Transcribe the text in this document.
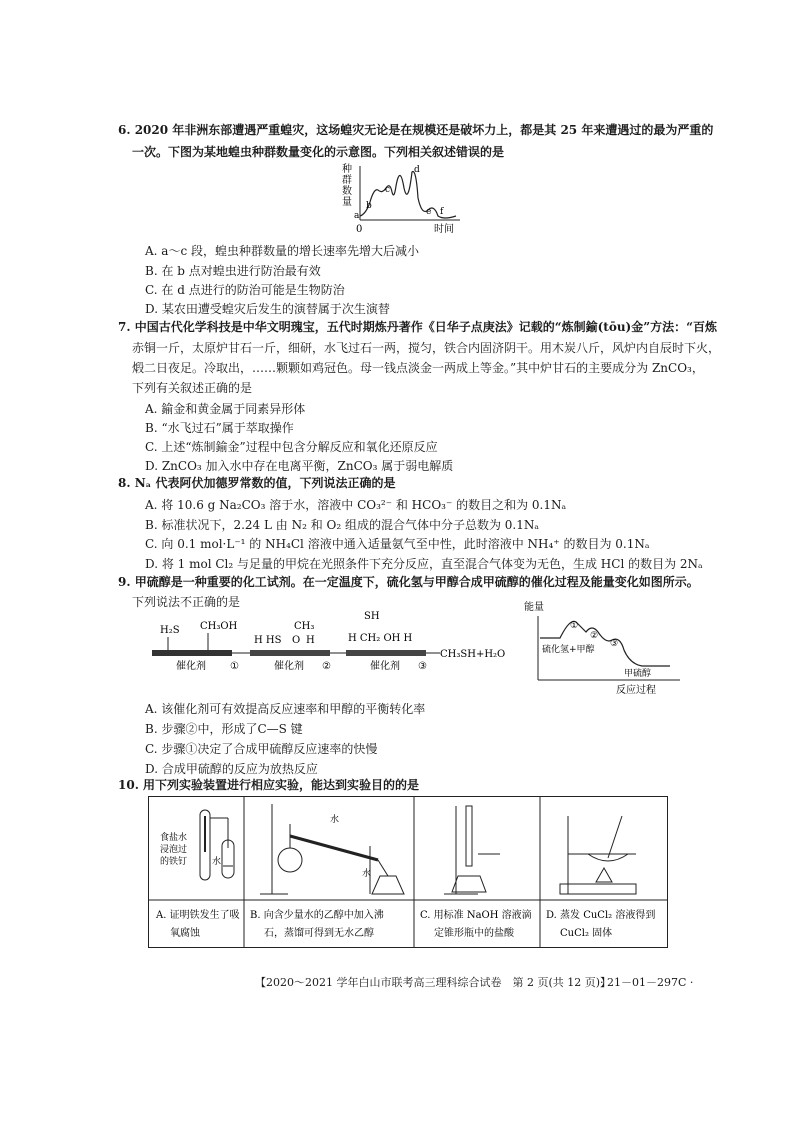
6. 2020 年非洲东部遭遇严重蝗灾，这场蝗灾无论是在规模还是破坏力上，都是其 25 年来遭遇过的最为严重的
一次。下图为某地蝗虫种群数量变化的示意图。下列相关叙述错误的是
种
群
数
量
a
b
c
d
e f
0	时间
A. a～c 段，蝗虫种群数量的增长速率先增大后减小
B. 在 b 点对蝗虫进行防治最有效
C. 在 d 点进行的防治可能是生物防治
D. 某农田遭受蝗灾后发生的演替属于次生演替
7. 中国古代化学科技是中华文明瑰宝，五代时期炼丹著作《日华子点庚法》记载的“炼制鍮(tōu)金”方法：“百炼
赤铜一斤，太原炉甘石一斤，细研，水飞过石一两，搅匀，铁合内固济阴干。用木炭八斤，风炉内自辰时下火，
煅二日夜足。冷取出，……颗颗如鸡冠色。母一钱点淡金一两成上等金。”其中炉甘石的主要成分为 ZnCO₃，
下列有关叙述正确的是
A. 鍮金和黄金属于同素异形体
B. “水飞过石”属于萃取操作
C. 上述“炼制鍮金”过程中包含分解反应和氧化还原反应
D. ZnCO₃ 加入水中存在电离平衡，ZnCO₃ 属于弱电解质
8. Nₐ 代表阿伏加德罗常数的值，下列说法正确的是
A. 将 10.6 g Na₂CO₃ 溶于水，溶液中 CO₃²⁻ 和 HCO₃⁻ 的数目之和为 0.1Nₐ
B. 标准状况下，2.24 L 由 N₂ 和 O₂ 组成的混合气体中分子总数为 0.1Nₐ
C. 向 0.1 mol·L⁻¹ 的 NH₄Cl 溶液中通入适量氨气至中性，此时溶液中 NH₄⁺ 的数目为 0.1Nₐ
D. 将 1 mol Cl₂ 与足量的甲烷在光照条件下充分反应，直至混合气体变为无色，生成 HCl 的数目为 2Nₐ
9. 甲硫醇是一种重要的化工试剂。在一定温度下，硫化氢与甲醇合成甲硫醇的催化过程及能量变化如图所示。
下列说法不正确的是
H₂S CH₃OH
催化剂 ①
H HS
CH₃
O H
催化剂 ②
SH
H CH₂ OH H
催化剂 ③
CH₃SH+H₂O
能量
①
②
③
硫化氢+甲醇
甲硫醇
反应过程
A. 该催化剂可有效提高反应速率和甲醇的平衡转化率
B. 步骤②中，形成了C—S 键
C. 步骤①决定了合成甲硫醇反应速率的快慢
D. 合成甲硫醇的反应为放热反应
10. 用下列实验装置进行相应实验，能达到实验目的的是
食盐水
浸泡过
的铁钉	水
水
水
A. 证明铁发生了吸
氧腐蚀
B. 向含少量水的乙醇中加入沸
石，蒸馏可得到无水乙醇
C. 用标准 NaOH 溶液滴
定锥形瓶中的盐酸
D. 蒸发 CuCl₂ 溶液得到
CuCl₂ 固体
【2020～2021 学年白山市联考高三理科综合试卷　第 2 页(共 12 页)】
· 21－01－297C ·
